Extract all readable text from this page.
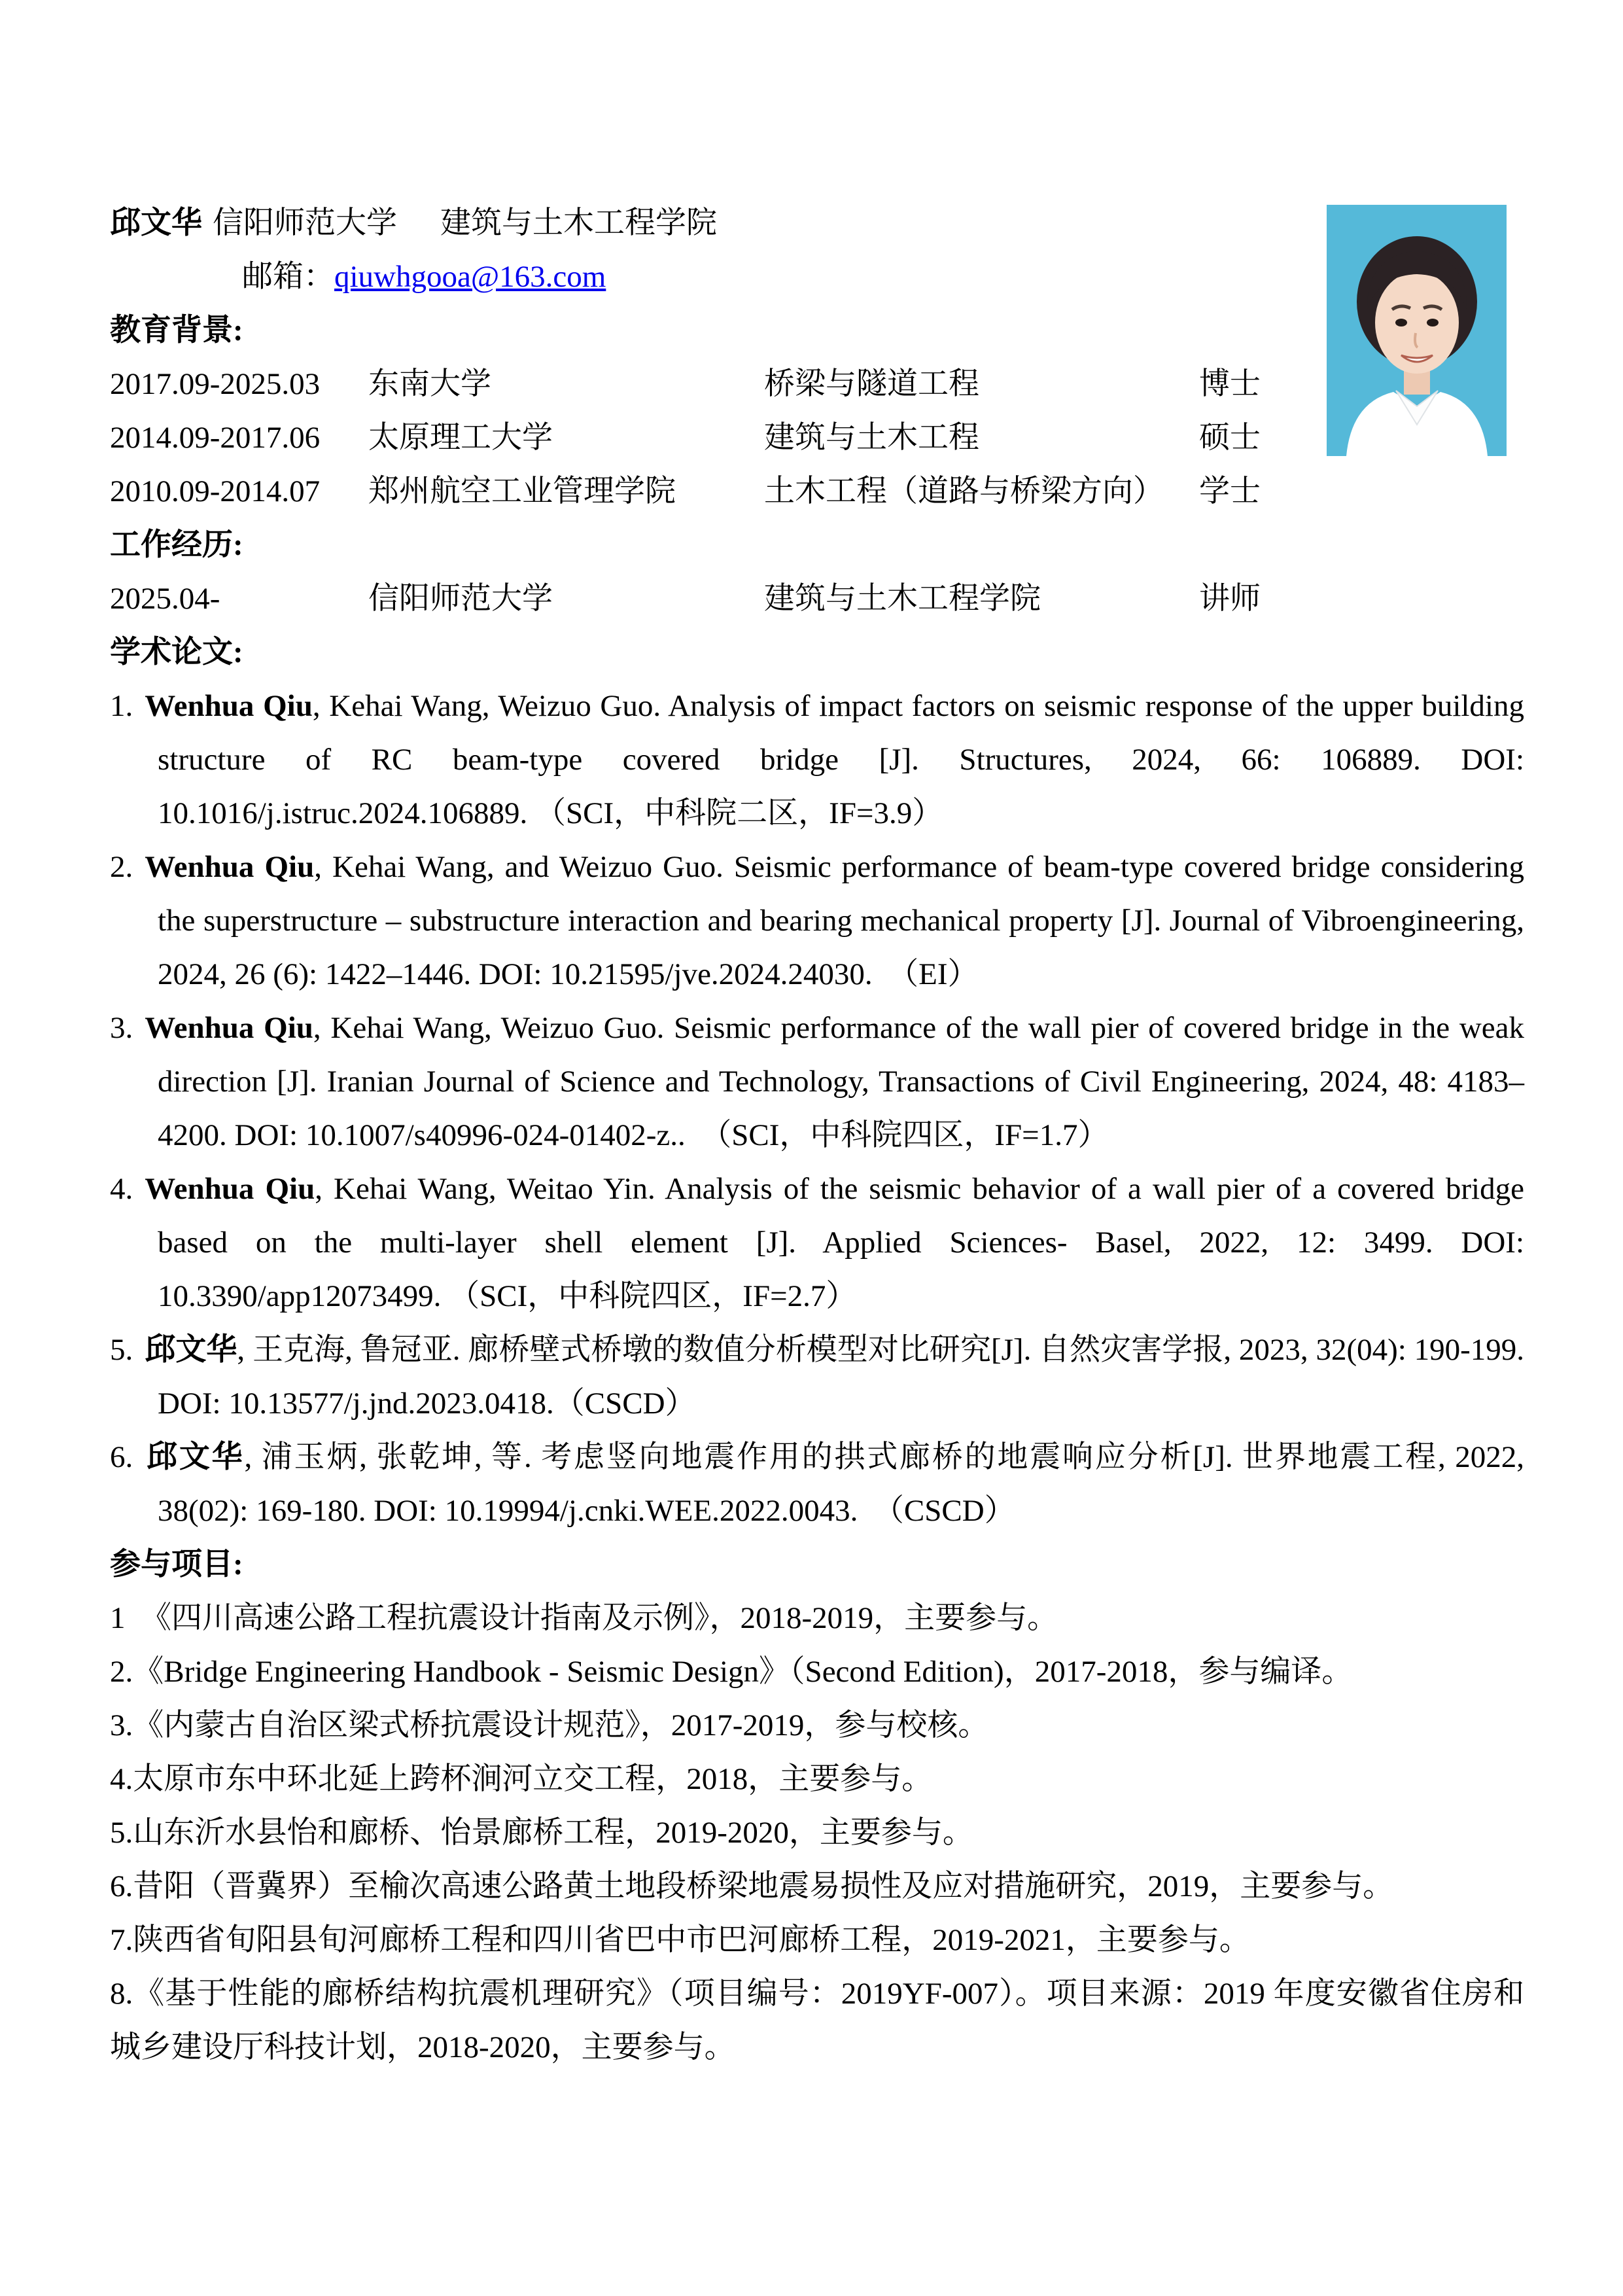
邱文华 信阳师范大学 建筑与土木工程学院
邮箱：qiuwhgooa@163.com
教育背景:
2017.09-2025.03	东南大学	桥梁与隧道工程	博士
2014.09-2017.06	太原理工大学	建筑与土木工程	硕士
2010.09-2014.07	郑州航空工业管理学院	土木工程（道路与桥梁方向）	学士
工作经历:
2025.04-	信阳师范大学	建筑与土木工程学院	讲师
学术论文:
1. Wenhua Qiu, Kehai Wang, Weizuo Guo. Analysis of impact factors on seismic response of the upper building structure of RC beam-type covered bridge [J]. Structures, 2024, 66: 106889. DOI: 10.1016/j.istruc.2024.106889. （SCI，中科院二区，IF=3.9）
2. Wenhua Qiu, Kehai Wang, and Weizuo Guo. Seismic performance of beam-type covered bridge considering the superstructure – substructure interaction and bearing mechanical property [J]. Journal of Vibroengineering, 2024, 26 (6): 1422–1446. DOI: 10.21595/jve.2024.24030.　（EI）
3. Wenhua Qiu, Kehai Wang, Weizuo Guo. Seismic performance of the wall pier of covered bridge in the weak direction [J]. Iranian Journal of Science and Technology, Transactions of Civil Engineering, 2024, 48: 4183–4200. DOI: 10.1007/s40996-024-01402-z..　（SCI，中科院四区，IF=1.7）
4. Wenhua Qiu, Kehai Wang, Weitao Yin. Analysis of the seismic behavior of a wall pier of a covered bridge based on the multi-layer shell element [J]. Applied Sciences- Basel, 2022, 12: 3499. DOI: 10.3390/app12073499. （SCI，中科院四区，IF=2.7）
5. 邱文华, 王克海, 鲁冠亚. 廊桥壁式桥墩的数值分析模型对比研究[J]. 自然灾害学报, 2023, 32(04): 190-199. DOI: 10.13577/j.jnd.2023.0418.（CSCD）
6. 邱文华, 浦玉炳, 张乾坤, 等. 考虑竖向地震作用的拱式廊桥的地震响应分析[J]. 世界地震工程, 2022, 38(02): 169-180. DOI: 10.19994/j.cnki.WEE.2022.0043.　（CSCD）
参与项目:
1　《四川高速公路工程抗震设计指南及示例》，2018-2019，主要参与。
2.《Bridge Engineering Handbook - Seismic Design》（Second Edition)，2017-2018，参与编译。
3.《内蒙古自治区梁式桥抗震设计规范》，2017-2019，参与校核。
4.太原市东中环北延上跨杯涧河立交工程，2018，主要参与。
5.山东沂水县怡和廊桥、怡景廊桥工程，2019-2020，主要参与。
6.昔阳（晋冀界）至榆次高速公路黄土地段桥梁地震易损性及应对措施研究，2019，主要参与。
7.陕西省旬阳县旬河廊桥工程和四川省巴中市巴河廊桥工程，2019-2021，主要参与。
8.《基于性能的廊桥结构抗震机理研究》（项目编号：2019YF-007）。项目来源：2019 年度安徽省住房和城乡建设厅科技计划，2018-2020，主要参与。
